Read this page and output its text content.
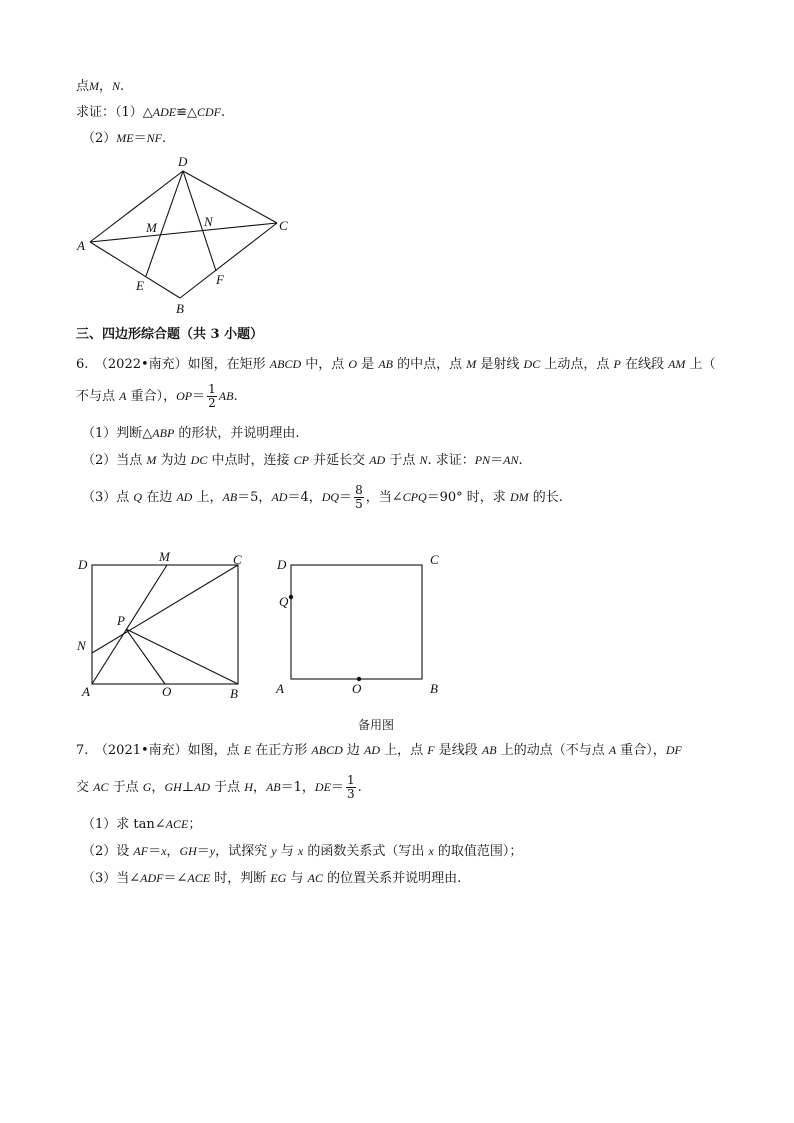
点M，N.
求证：（1）△ADE≌△CDF.
（2）ME＝NF.
D
A
C
B
E	F
M	N
三、四边形综合题（共 3 小题）
6.　（2022•南充）如图，在矩形 ABCD 中，点 O 是 AB 的中点，点 M 是射线 DC 上动点，点 P 在线段 AM 上（
不与点 A 重合），$OP= \frac{1}{2}$ AB.
（1）判断△ABP 的形状，并说明理由.
（2）当点 M 为边 DC 中点时，连接 CP 并延长交 AD 于点 N. 求证：PN＝AN.
（3）点 Q 在边 AD 上，AB＝5，AD＝4，$DQ= \frac{8}{5}$ ，当∠CPQ＝90° 时，求 DM 的长.
D
M	C
N
P
A	O	B
D	C
Q
A	O	B
备用图
7.　（2021•南充）如图，点 E 在正方形 ABCD 边 AD 上，点 F 是线段 AB 上的动点（不与点 A 重合），DF
交 AC 于点 G，GH⊥AD 于点 H，AB＝1，$DE= \frac{1}{3}$ .
（1）求 tan∠ACE；
（2）设 AF＝x，GH＝y，试探究 y 与 x 的函数关系式（写出 x 的取值范围）；
（3）当∠ADF＝∠ACE 时，判断 EG 与 AC 的位置关系并说明理由.
